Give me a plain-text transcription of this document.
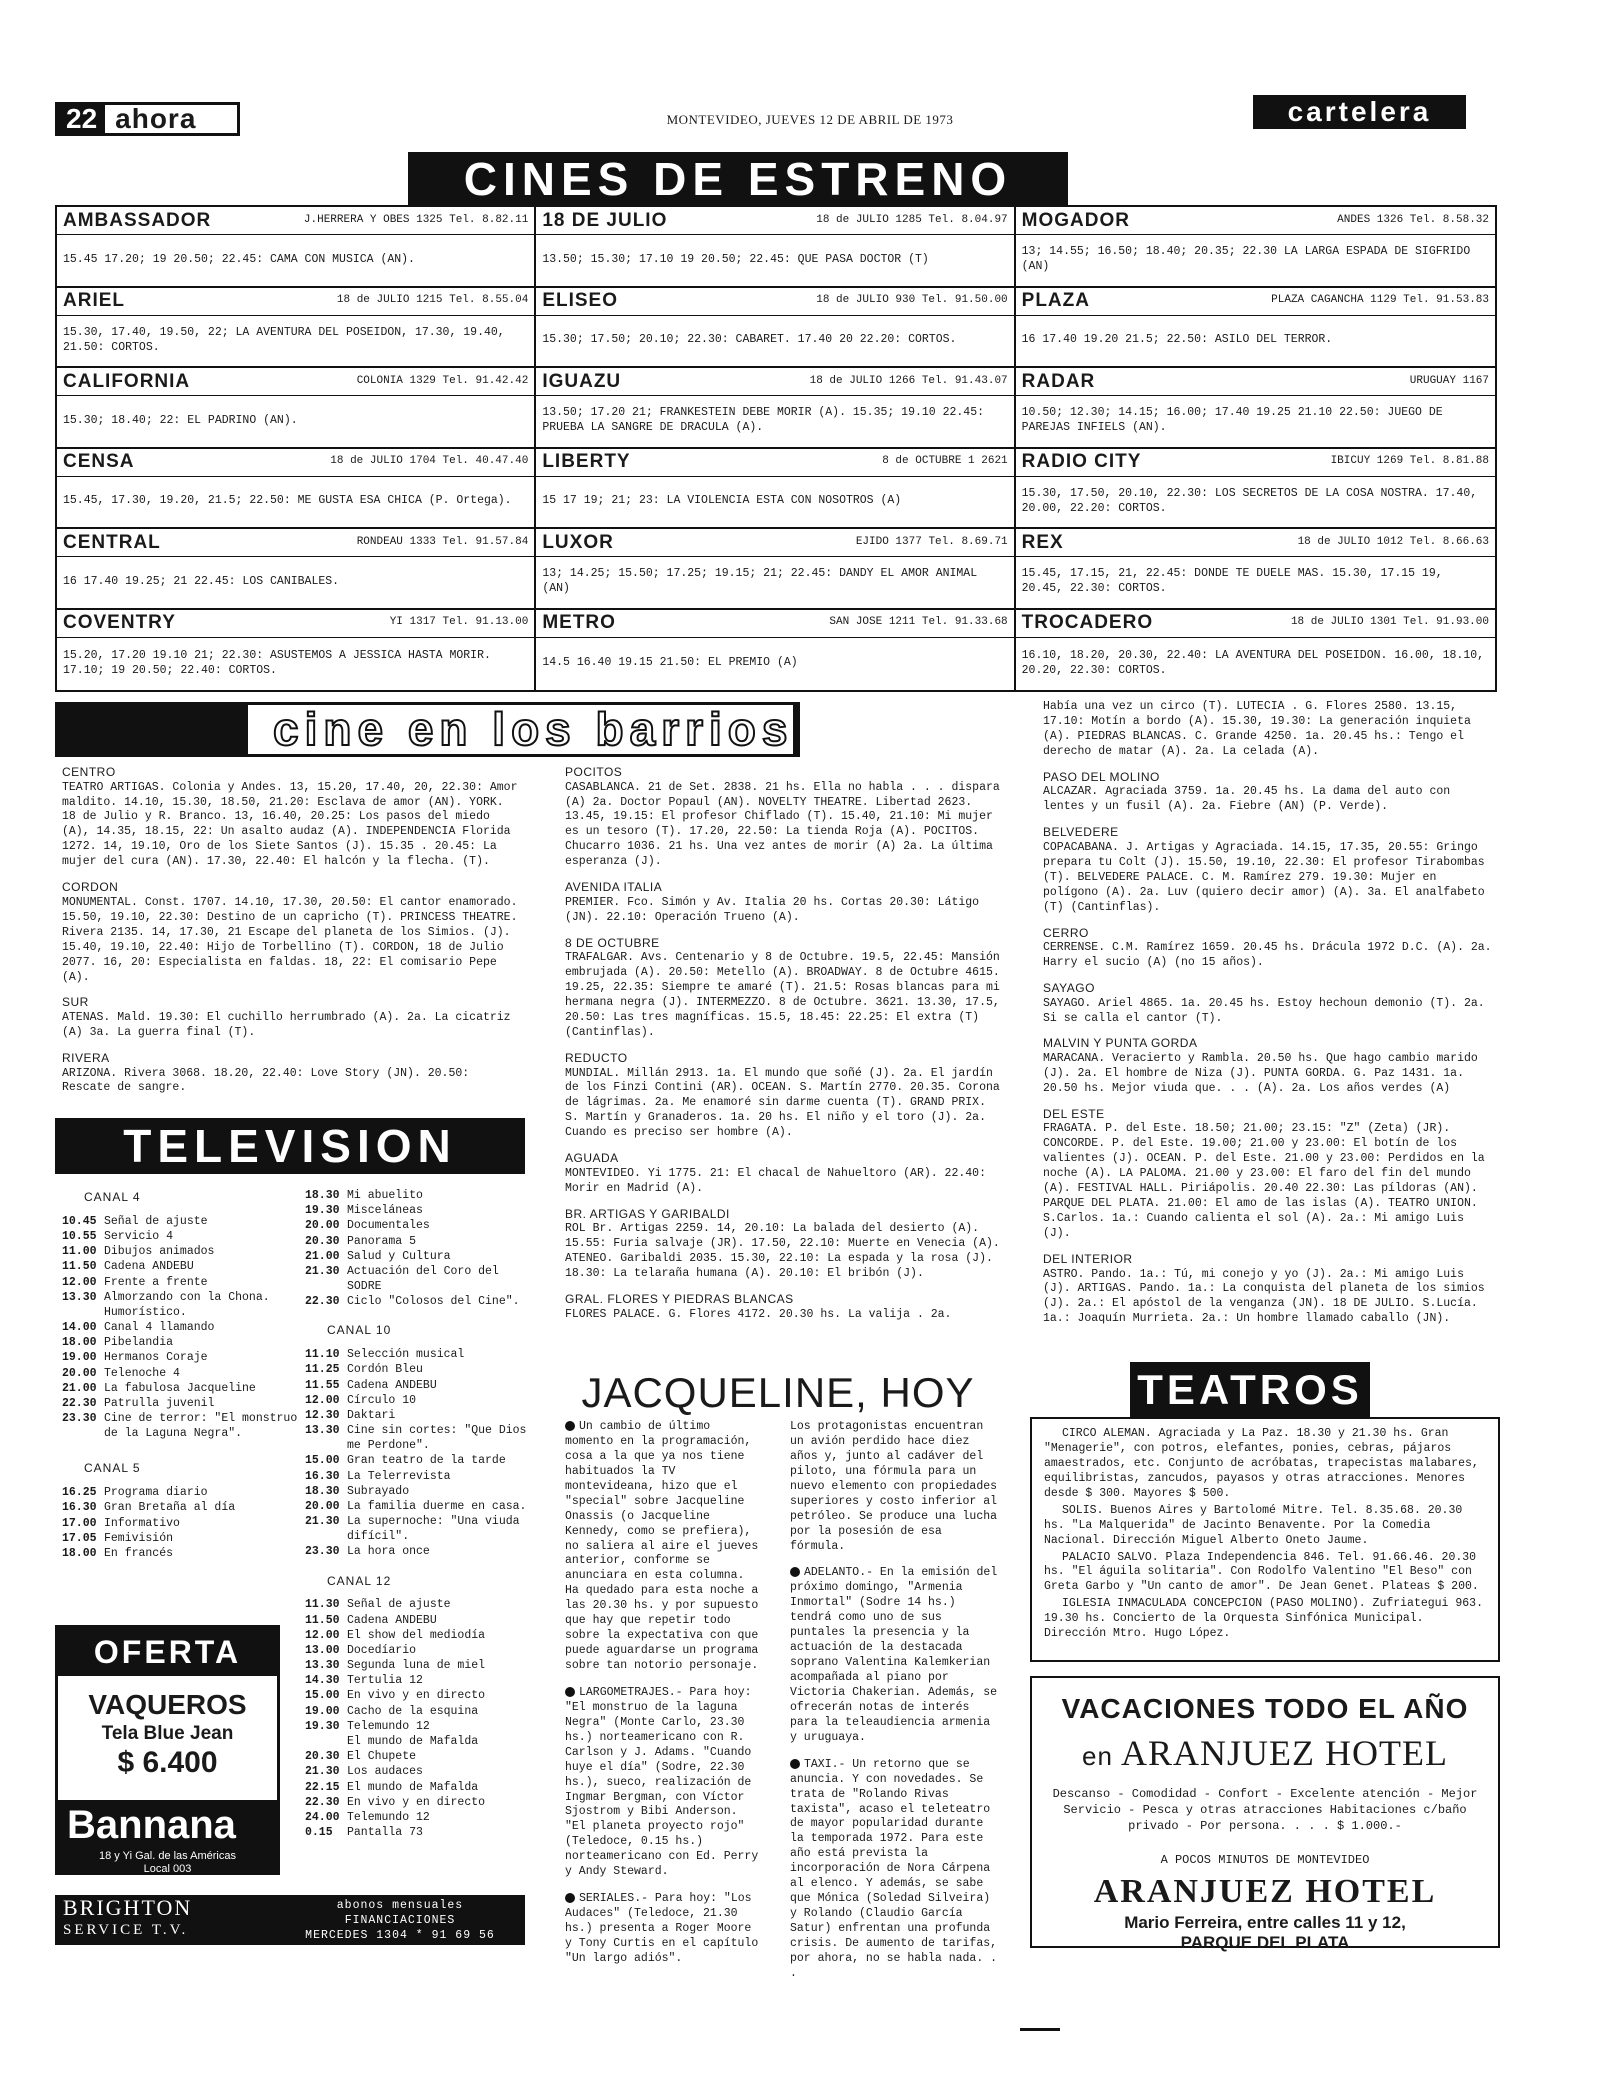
22 ahora	MONTEVIDEO, JUEVES 12 DE ABRIL DE 1973	cartelera
CINES DE ESTRENO
AMBASSADOR	J.HERRERA Y OBES 1325 Tel. 8.82.11
15.45 17.20; 19 20.50; 22.45: CAMA CON MUSICA (AN).
18 DE JULIO	18 de JULIO 1285 Tel. 8.04.97
13.50; 15.30; 17.10 19 20.50; 22.45: QUE PASA DOCTOR (T)
MOGADOR	ANDES 1326 Tel. 8.58.32
13; 14.55; 16.50; 18.40; 20.35; 22.30 LA LARGA ESPADA DE SIGFRIDO (AN)
ARIEL	18 de JULIO 1215 Tel. 8.55.04
15.30, 17.40, 19.50, 22; LA AVENTURA DEL POSEIDON, 17.30, 19.40, 21.50: CORTOS.
ELISEO	18 de JULIO 930 Tel. 91.50.00
15.30; 17.50; 20.10; 22.30: CABARET. 17.40 20 22.20: CORTOS.
PLAZA	PLAZA CAGANCHA 1129 Tel. 91.53.83
16 17.40 19.20 21.5; 22.50: ASILO DEL TERROR.
CALIFORNIA	COLONIA 1329 Tel. 91.42.42
15.30; 18.40; 22: EL PADRINO (AN).
IGUAZU	18 de JULIO 1266 Tel. 91.43.07
13.50; 17.20 21; FRANKESTEIN DEBE MORIR (A). 15.35; 19.10 22.45: PRUEBA LA SANGRE DE DRACULA (A).
RADAR	URUGUAY 1167
10.50; 12.30; 14.15; 16.00; 17.40 19.25 21.10 22.50: JUEGO DE PAREJAS INFIELS (AN).
CENSA	18 de JULIO 1704 Tel. 40.47.40
15.45, 17.30, 19.20, 21.5; 22.50: ME GUSTA ESA CHICA (P. Ortega).
LIBERTY	8 de OCTUBRE 1 2621
15 17 19; 21; 23: LA VIOLENCIA ESTA CON NOSOTROS (A)
RADIO CITY	IBICUY 1269 Tel. 8.81.88
15.30, 17.50, 20.10, 22.30: LOS SECRETOS DE LA COSA NOSTRA. 17.40, 20.00, 22.20: CORTOS.
CENTRAL	RONDEAU 1333 Tel. 91.57.84
16 17.40 19.25; 21 22.45: LOS CANIBALES.
LUXOR	EJIDO 1377 Tel. 8.69.71
13; 14.25; 15.50; 17.25; 19.15; 21; 22.45: DANDY EL AMOR ANIMAL (AN)
REX	18 de JULIO 1012 Tel. 8.66.63
15.45, 17.15, 21, 22.45: DONDE TE DUELE MAS. 15.30, 17.15 19, 20.45, 22.30: CORTOS.
COVENTRY	YI 1317 Tel. 91.13.00
15.20, 17.20 19.10 21; 22.30: ASUSTEMOS A JESSICA HASTA MORIR. 17.10; 19 20.50; 22.40: CORTOS.
METRO	SAN JOSE 1211 Tel. 91.33.68
14.5 16.40 19.15 21.50: EL PREMIO (A)
TROCADERO	18 de JULIO 1301 Tel. 91.93.00
16.10, 18.20, 20.30, 22.40: LA AVENTURA DEL POSEIDON. 16.00, 18.10, 20.20, 22.30: CORTOS.
cine en los barrios
CENTRO

TEATRO ARTIGAS. Colonia y Andes. 13, 15.20, 17.40, 20, 22.30: Amor maldito. 14.10, 15.30, 18.50, 21.20: Esclava de amor (AN). YORK. 18 de Julio y R. Branco. 13, 16.40, 20.25: Los pasos del miedo (A), 14.35, 18.15, 22: Un asalto audaz (A). INDEPENDENCIA Florida 1272. 14, 19.10, Oro de los Siete Santos (J). 15.35 . 20.45: La mujer del cura (AN). 17.30, 22.40: El halcón y la flecha. (T).

CORDON

MONUMENTAL. Const. 1707. 14.10, 17.30, 20.50: El cantor enamorado. 15.50, 19.10, 22.30: Destino de un capricho (T). PRINCESS THEATRE. Rivera 2135. 14, 17.30, 21 Escape del planeta de los Simios. (J). 15.40, 19.10, 22.40: Hijo de Torbellino (T). CORDON, 18 de Julio 2077. 16, 20: Especialista en faldas. 18, 22: El comisario Pepe (A).

SUR

ATENAS. Mald. 19.30: El cuchillo herrumbrado (A). 2a. La cicatriz (A) 3a. La guerra final (T).

RIVERA

ARIZONA. Rivera 3068. 18.20, 22.40: Love Story (JN). 20.50: Rescate de sangre.

POCITOS

CASABLANCA. 21 de Set. 2838. 21 hs. Ella no habla . . . dispara (A) 2a. Doctor Popaul (AN). NOVELTY THEATRE. Libertad 2623. 13.45, 19.15: El profesor Chiflado (T). 15.40, 21.10: Mi mujer es un tesoro (T). 17.20, 22.50: La tienda Roja (A). POCITOS. Chucarro 1036. 21 hs. Una vez antes de morir (A) 2a. La última esperanza (J).

AVENIDA ITALIA

PREMIER. Fco. Simón y Av. Italia 20 hs. Cortas 20.30: Látigo (JN). 22.10: Operación Trueno (A).

8 DE OCTUBRE

TRAFALGAR. Avs. Centenario y 8 de Octubre. 19.5, 22.45: Mansión embrujada (A). 20.50: Metello (A). BROADWAY. 8 de Octubre 4615. 19.25, 22.35: Siempre te amaré (T). 21.5: Rosas blancas para mi hermana negra (J). INTERMEZZO. 8 de Octubre. 3621. 13.30, 17.5, 20.50: Las tres magníficas. 15.5, 18.45: 22.25: El extra (T) (Cantinflas).

REDUCTO

MUNDIAL. Millán 2913. 1a. El mundo que soñé (J). 2a. El jardín de los Finzi Contini (AR). OCEAN. S. Martín 2770. 20.35. Corona de lágrimas. 2a. Me enamoré sin darme cuenta (T). GRAND PRIX. S. Martín y Granaderos. 1a. 20 hs. El niño y el toro (J). 2a. Cuando es preciso ser hombre (A).

AGUADA

MONTEVIDEO. Yi 1775. 21: El chacal de Nahueltoro (AR). 22.40: Morir en Madrid (A).

BR. ARTIGAS Y GARIBALDI

ROL Br. Artigas 2259. 14, 20.10: La balada del desierto (A). 15.55: Furia salvaje (JR). 17.50, 22.10: Muerte en Venecia (A). ATENEO. Garibaldi 2035. 15.30, 22.10: La espada y la rosa (J). 18.30: La telaraña humana (A). 20.10: El bribón (J).

GRAL. FLORES Y PIEDRAS BLANCAS

FLORES PALACE. G. Flores 4172. 20.30 hs. La valija . 2a.

Había una vez un circo (T). LUTECIA . G. Flores 2580. 13.15, 17.10: Motín a bordo (A). 15.30, 19.30: La generación inquieta (A). PIEDRAS BLANCAS. C. Grande 4250. 1a. 20.45 hs.: Tengo el derecho de matar (A). 2a. La celada (A).

PASO DEL MOLINO

ALCAZAR. Agraciada 3759. 1a. 20.45 hs. La dama del auto con lentes y un fusil (A). 2a. Fiebre (AN) (P. Verde).

BELVEDERE

COPACABANA. J. Artigas y Agraciada. 14.15, 17.35, 20.55: Gringo prepara tu Colt (J). 15.50, 19.10, 22.30: El profesor Tirabombas (T). BELVEDERE PALACE. C. M. Ramírez 279. 19.30: Mujer en polígono (A). 2a. Luv (quiero decir amor) (A). 3a. El analfabeto (T) (Cantinflas).

CERRO

CERRENSE. C.M. Ramírez 1659. 20.45 hs. Drácula 1972 D.C. (A). 2a. Harry el sucio (A) (no 15 años).

SAYAGO

SAYAGO. Ariel 4865. 1a. 20.45 hs. Estoy hechoun demonio (T). 2a. Si se calla el cantor (T).

MALVIN Y PUNTA GORDA

MARACANA. Veracierto y Rambla. 20.50 hs. Que hago cambio marido (J). 2a. El hombre de Niza (J). PUNTA GORDA. G. Paz 1431. 1a. 20.50 hs. Mejor viuda que. . . (A). 2a. Los años verdes (A)

DEL ESTE

FRAGATA. P. del Este. 18.50; 21.00; 23.15: "Z" (Zeta) (JR). CONCORDE. P. del Este. 19.00; 21.00 y 23.00: El botín de los valientes (J). OCEAN. P. del Este. 21.00 y 23.00: Perdidos en la noche (A). LA PALOMA. 21.00 y 23.00: El faro del fin del mundo (A). FESTIVAL HALL. Piriápolis. 20.40 22.30: Las píldoras (AN). PARQUE DEL PLATA. 21.00: El amo de las islas (A). TEATRO UNION. S.Carlos. 1a.: Cuando calienta el sol (A). 2a.: Mi amigo Luis (J).

DEL INTERIOR

ASTRO. Pando. 1a.: Tú, mi conejo y yo (J). 2a.: Mi amigo Luis (J). ARTIGAS. Pando. 1a.: La conquista del planeta de los simios (J). 2a.: El apóstol de la venganza (JN). 18 DE JULIO. S.Lucía. 1a.: Joaquín Murrieta. 2a.: Un hombre llamado caballo (JN).

TELEVISION
CANAL 4
10.45 Señal de ajuste
10.55 Servicio 4
11.00 Dibujos animados
11.50 Cadena ANDEBU
12.00 Frente a frente
13.30 Almorzando con la Chona. Humorístico.
14.00 Canal 4 llamando
18.00 Pibelandia
19.00 Hermanos Coraje
20.00 Telenoche 4
21.00 La fabulosa Jacqueline
22.30 Patrulla juvenil
23.30 Cine de terror: "El monstruo de la Laguna Negra".
CANAL 5
16.25 Programa diario
16.30 Gran Bretaña al día
17.00 Informativo
17.05 Femivisión
18.00 En francés
18.30 Mi abuelito
19.30 Misceláneas
20.00 Documentales
20.30 Panorama 5
21.00 Salud y Cultura
21.30 Actuación del Coro del SODRE
22.30 Ciclo "Colosos del Cine".
CANAL 10
11.10 Selección musical
11.25 Cordón Bleu
11.55 Cadena ANDEBU
12.00 Círculo 10
12.30 Daktari
13.30 Cine sin cortes: "Que Dios me Perdone".
15.00 Gran teatro de la tarde
16.30 La Telerrevista
18.30 Subrayado
20.00 La familia duerme en casa.
21.30 La supernoche: "Una viuda difícil".
23.30 La hora once
CANAL 12
11.30 Señal de ajuste
11.50 Cadena ANDEBU
12.00 El show del mediodía
13.00 Docedíario
13.30 Segunda luna de miel
14.30 Tertulia 12
15.00 En vivo y en directo
19.00 Cacho de la esquina
19.30 Telemundo 12
El mundo de Mafalda
20.30 El Chupete
21.30 Los audaces
22.15 El mundo de Mafalda
22.30 En vivo y en directo
24.00 Telemundo 12
0.15	Pantalla 73
OFERTA
VAQUEROS
Tela Blue Jean
$ 6.400
Bannana
18 y Yi Gal. de las Américas
Local 003
BRIGHTON
SERVICE T.V.
abonos mensuales
FINANCIACIONES
MERCEDES 1304 * 91 69 56
JACQUELINE, HOY

Un cambio de último momento en la programación, cosa a la que ya nos tiene habituados la TV montevideana, hizo que el "special" sobre Jacqueline Onassis (o Jacqueline Kennedy, como se prefiera), no saliera al aire el jueves anterior, conforme se anunciara en esta columna. Ha quedado para esta noche a las 20.30 hs. y por supuesto que hay que repetir todo sobre la expectativa con que puede aguardarse un programa sobre tan notorio personaje.

LARGOMETRAJES.- Para hoy: "El monstruo de la laguna Negra" (Monte Carlo, 23.30 hs.) norteamericano con R. Carlson y J. Adams. "Cuando huye el día" (Sodre, 22.30 hs.), sueco, realización de Ingmar Bergman, con Víctor Sjostrom y Bibi Anderson. "El planeta proyecto rojo" (Teledoce, 0.15 hs.) norteamericano con Ed. Perry y Andy Steward.

SERIALES.- Para hoy: "Los Audaces" (Teledoce, 21.30 hs.) presenta a Roger Moore y Tony Curtis en el capítulo "Un largo adiós".

Los protagonistas encuentran un avión perdido hace diez años y, junto al cadáver del piloto, una fórmula para un nuevo elemento con propiedades superiores y costo inferior al petróleo. Se produce una lucha por la posesión de esa fórmula.

ADELANTO.- En la emisión del próximo domingo, "Armenia Inmortal" (Sodre 14 hs.) tendrá como uno de sus puntales la presencia y la actuación de la destacada soprano Valentina Kalemkerian acompañada al piano por Victoria Chakerian. Además, se ofrecerán notas de interés para la teleaudiencia armenia y uruguaya.

TAXI.- Un retorno que se anuncia. Y con novedades. Se trata de "Rolando Rivas taxista", acaso el teleteatro de mayor popularidad durante la temporada 1972. Para este año está prevista la incorporación de Nora Cárpena al elenco. Y además, se sabe que Mónica (Soledad Silveira) y Rolando (Claudio García Satur) enfrentan una profunda crisis. De aumento de tarifas, por ahora, no se habla nada. . .

TEATROS

CIRCO ALEMAN. Agraciada y La Paz. 18.30 y 21.30 hs. Gran "Menagerie", con potros, elefantes, ponies, cebras, pájaros amaestrados, etc. Conjunto de acróbatas, trapecistas malabares, equilibristas, zancudos, payasos y otras atracciones. Menores desde $ 300. Mayores $ 500.

SOLIS. Buenos Aires y Bartolomé Mitre. Tel. 8.35.68. 20.30 hs. "La Malquerida" de Jacinto Benavente. Por la Comedia Nacional. Dirección Miguel Alberto Oneto Jaume.

PALACIO SALVO. Plaza Independencia 846. Tel. 91.66.46. 20.30 hs. "El águila solitaria". Con Rodolfo Valentino "El Beso" con Greta Garbo y "Un canto de amor". De Jean Genet. Plateas $ 200.

IGLESIA INMACULADA CONCEPCION (PASO MOLINO). Zufriategui 963. 19.30 hs. Concierto de la Orquesta Sinfónica Municipal. Dirección Mtro. Hugo López.

VACACIONES TODO EL AÑO
en ARANJUEZ HOTEL
Descanso - Comodidad - Confort - Excelente atención - Mejor Servicio - Pesca y otras atracciones Habitaciones c/baño privado - Por persona. . . . $ 1.000.-
A POCOS MINUTOS DE MONTEVIDEO
ARANJUEZ HOTEL
Mario Ferreira, entre calles 11 y 12,
PARQUE DEL PLATA
